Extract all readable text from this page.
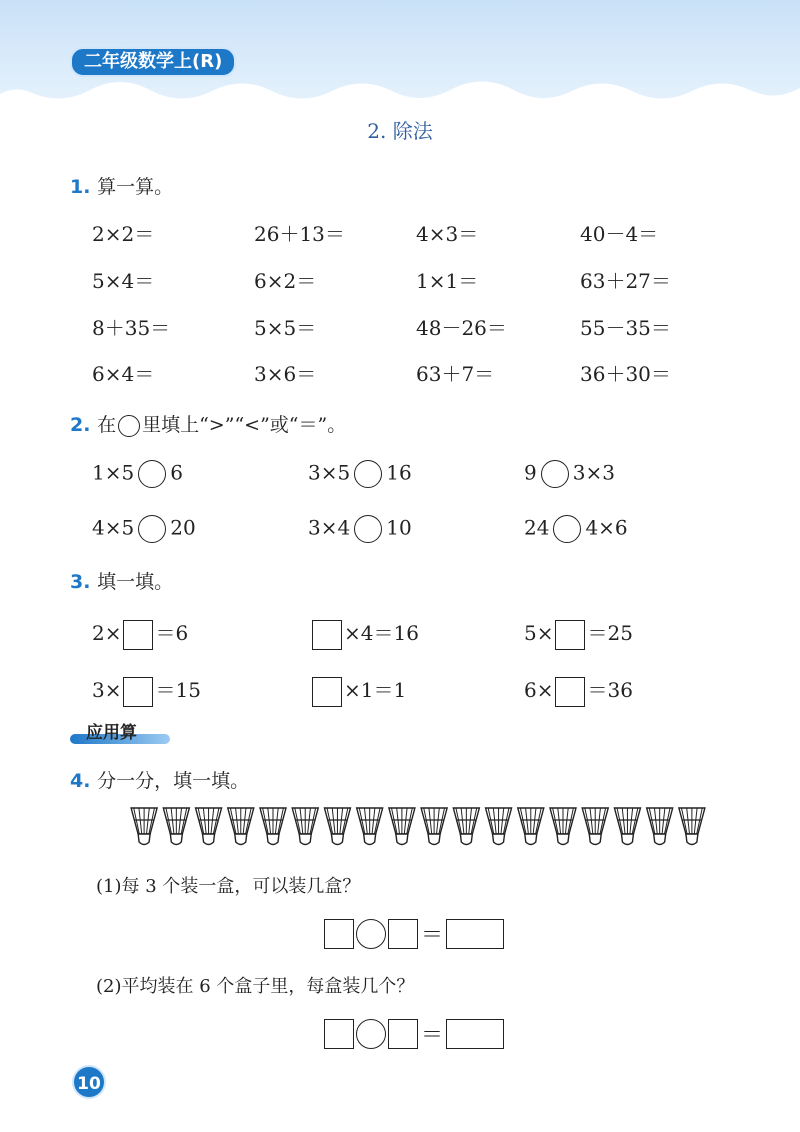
二年级数学上(R)
2. 除法
1. 算一算。
2×2＝	26＋13＝	4×3＝	40－4＝
5×4＝	6×2＝	1×1＝	63＋27＝
8＋35＝	5×5＝	48－26＝	55－35＝
6×4＝	3×6＝	63＋7＝	36＋30＝
2. 在 里填上“>”“<”或“＝”。
1×5 6	3×5 16	9 3×3
4×5 20	3×4 10	24 4×6
3. 填一填。
2× ＝6	×4＝16	5× ＝25
3× ＝15	×1＝1	6× ＝36
应用算
4. 分一分，填一填。
(1)每 3 个装一盒，可以装几盒？
＝
(2)平均装在 6 个盒子里，每盒装几个？
＝
10
